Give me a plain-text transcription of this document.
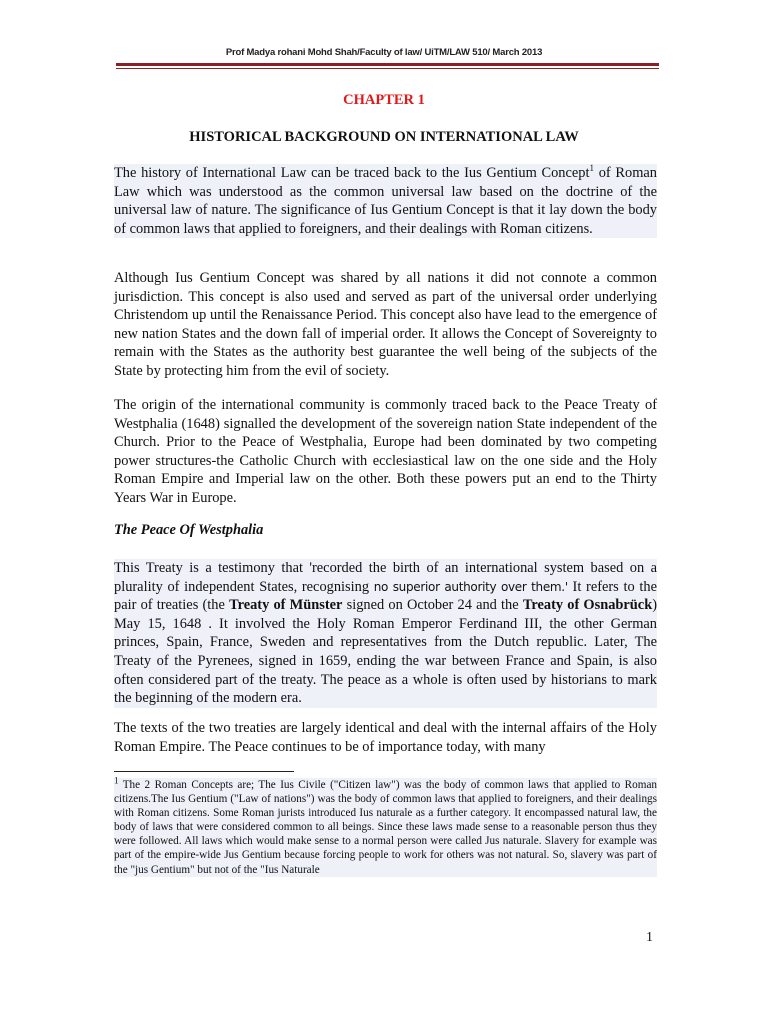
Prof Madya rohani Mohd Shah/Faculty of law/ UiTM/LAW 510/ March 2013
CHAPTER 1
HISTORICAL BACKGROUND ON INTERNATIONAL LAW

The history of International Law can be traced back to the Ius Gentium Concept$^1$ of Roman Law which was understood as the common universal law based on the doctrine of the universal law of nature. The significance of Ius Gentium Concept is that it lay down the body of common laws that applied to foreigners, and their dealings with Roman citizens.

Although Ius Gentium Concept was shared by all nations it did not connote a common jurisdiction. This concept is also used and served as part of the universal order underlying Christendom up until the Renaissance Period. This concept also have lead to the emergence of new nation States and the down fall of imperial order. It allows the Concept of Sovereignty to remain with the States as the authority best guarantee the well being of the subjects of the State by protecting him from the evil of society.

The origin of the international community is commonly traced back to the Peace Treaty of Westphalia (1648) signalled the development of the sovereign nation State independent of the Church. Prior to the Peace of Westphalia, Europe had been dominated by two competing power structures-the Catholic Church with ecclesiastical law on the one side and the Holy Roman Empire and Imperial law on the other. Both these powers put an end to the Thirty Years War in Europe.

The Peace Of Westphalia

This Treaty is a testimony that 'recorded the birth of an international system based on a plurality of independent States, recognising no superior authority over them.' It refers to the pair of treaties (the Treaty of Münster signed on October 24 and the Treaty of Osnabrück) May 15, 1648 . It involved the Holy Roman Emperor Ferdinand III, the other German princes, Spain, France, Sweden and representatives from the Dutch republic. Later, The Treaty of the Pyrenees, signed in 1659, ending the war between France and Spain, is also often considered part of the treaty. The peace as a whole is often used by historians to mark the beginning of the modern era.

The texts of the two treaties are largely identical and deal with the internal affairs of the Holy Roman Empire. The Peace continues to be of importance today, with many

$^1$ The 2 Roman Concepts are; The Ius Civile ("Citizen law") was the body of common laws that applied to Roman citizens.The Ius Gentium ("Law of nations") was the body of common laws that applied to foreigners, and their dealings with Roman citizens. Some Roman jurists introduced Ius naturale as a further category. It encompassed natural law, the body of laws that were considered common to all beings. Since these laws made sense to a reasonable person thus they were followed. All laws which would make sense to a normal person were called Jus naturale. Slavery for example was part of the empire-wide Jus Gentium because forcing people to work for others was not natural. So, slavery was part of the "jus Gentium" but not of the "Ius Naturale

1
